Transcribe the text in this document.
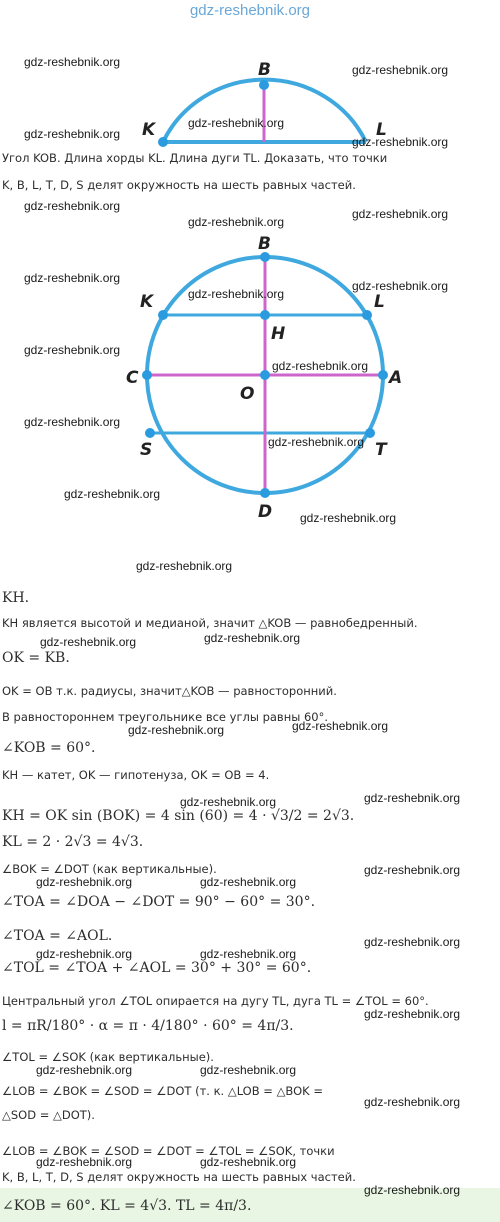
gdz-reshebnik.org
B
K	L
Угол KOB. Длина хорды KL. Длина дуги TL. Доказать, что точки
K, B, L, T, D, S делят окружность на шесть равных частей.
B
K	L
H
C
O
A
S	T
D
KH.
KH является высотой и медианой, значит △KOB — равнобедренный.
OK = KB.
OK = OB т.к. радиусы, значит△KOB — равносторонний.
В равностороннем треугольнике все углы равны 60°.
∠KOB = 60°.
KH — катет, OK — гипотенуза, OK = OB = 4.
KH = OK sin (BOK) = 4 sin (60) = 4 · √3/2 = 2√3.
KL = 2 · 2√3 = 4√3.
∠BOK = ∠DOT (как вертикальные).
∠TOA = ∠DOA − ∠DOT = 90° − 60° = 30°.
∠TOA = ∠AOL.
∠TOL = ∠TOA + ∠AOL = 30° + 30° = 60°.
Центральный угол ∠TOL опирается на дугу TL, дуга TL = ∠TOL = 60°.
l = πR/180° · α = π · 4/180° · 60° = 4π/3.
∠TOL = ∠SOK (как вертикальные).
∠LOB = ∠BOK = ∠SOD = ∠DOT (т. к. △LOB = △BOK =
△SOD = △DOT).
∠LOB = ∠BOK = ∠SOD = ∠DOT = ∠TOL = ∠SOK, точки
K, B, L, T, D, S делят окружность на шесть равных частей.
∠KOB = 60°. KL = 4√3. TL = 4π/3.
gdz-reshebnik.org
gdz-reshebnik.org
gdz-reshebnik.org
gdz-reshebnik.org
gdz-reshebnik.org
gdz-reshebnik.org
gdz-reshebnik.org
gdz-reshebnik.org
gdz-reshebnik.org
gdz-reshebnik.org
gdz-reshebnik.org
gdz-reshebnik.org
gdz-reshebnik.org
gdz-reshebnik.org
gdz-reshebnik.org
gdz-reshebnik.org
gdz-reshebnik.org
gdz-reshebnik.org
gdz-reshebnik.org
gdz-reshebnik.org
gdz-reshebnik.org	gdz-reshebnik.org
gdz-reshebnik.org
gdz-reshebnik.org
gdz-reshebnik.org
gdz-reshebnik.org	gdz-reshebnik.org
gdz-reshebnik.org
gdz-reshebnik.org	gdz-reshebnik.org
gdz-reshebnik.org
gdz-reshebnik.org	gdz-reshebnik.org
gdz-reshebnik.org
gdz-reshebnik.org	gdz-reshebnik.org
gdz-reshebnik.org
